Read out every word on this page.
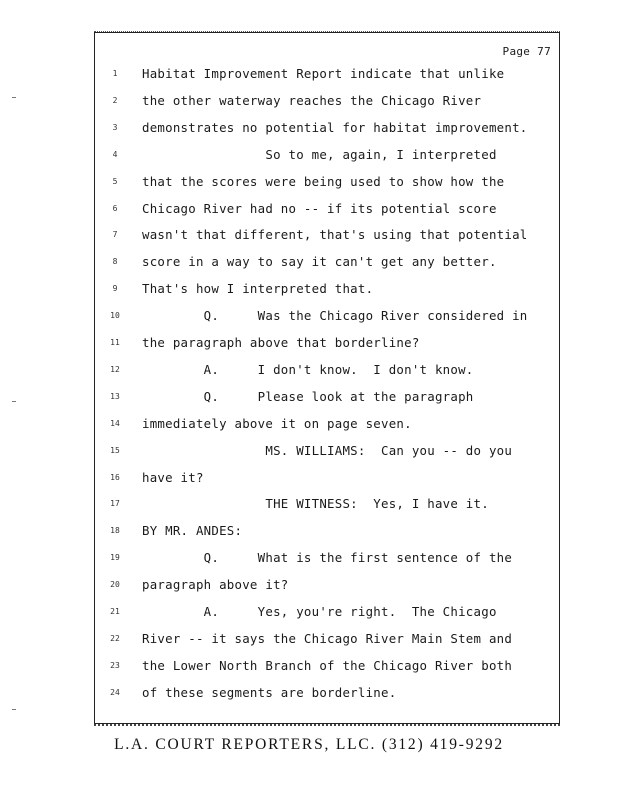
Page 77
1	Habitat Improvement Report indicate that unlike
2	the other waterway reaches the Chicago River
3	demonstrates no potential for habitat improvement.
4	So to me, again, I interpreted
5	that the scores were being used to show how the
6	Chicago River had no -- if its potential score
7	wasn't that different, that's using that potential
8	score in a way to say it can't get any better.
9	That's how I interpreted that.
10 Q.     Was the Chicago River considered in
11 the paragraph above that borderline?
12 A.     I don't know.  I don't know.
13 Q.     Please look at the paragraph
14 immediately above it on page seven.
15 MS. WILLIAMS:  Can you -- do you
16 have it?
17 THE WITNESS:  Yes, I have it.
18 BY MR. ANDES:
19 Q.     What is the first sentence of the
20 paragraph above it?
21 A.     Yes, you're right.  The Chicago
22 River -- it says the Chicago River Main Stem and
23 the Lower North Branch of the Chicago River both
24 of these segments are borderline.
L.A. COURT REPORTERS, LLC. (312) 419-9292
